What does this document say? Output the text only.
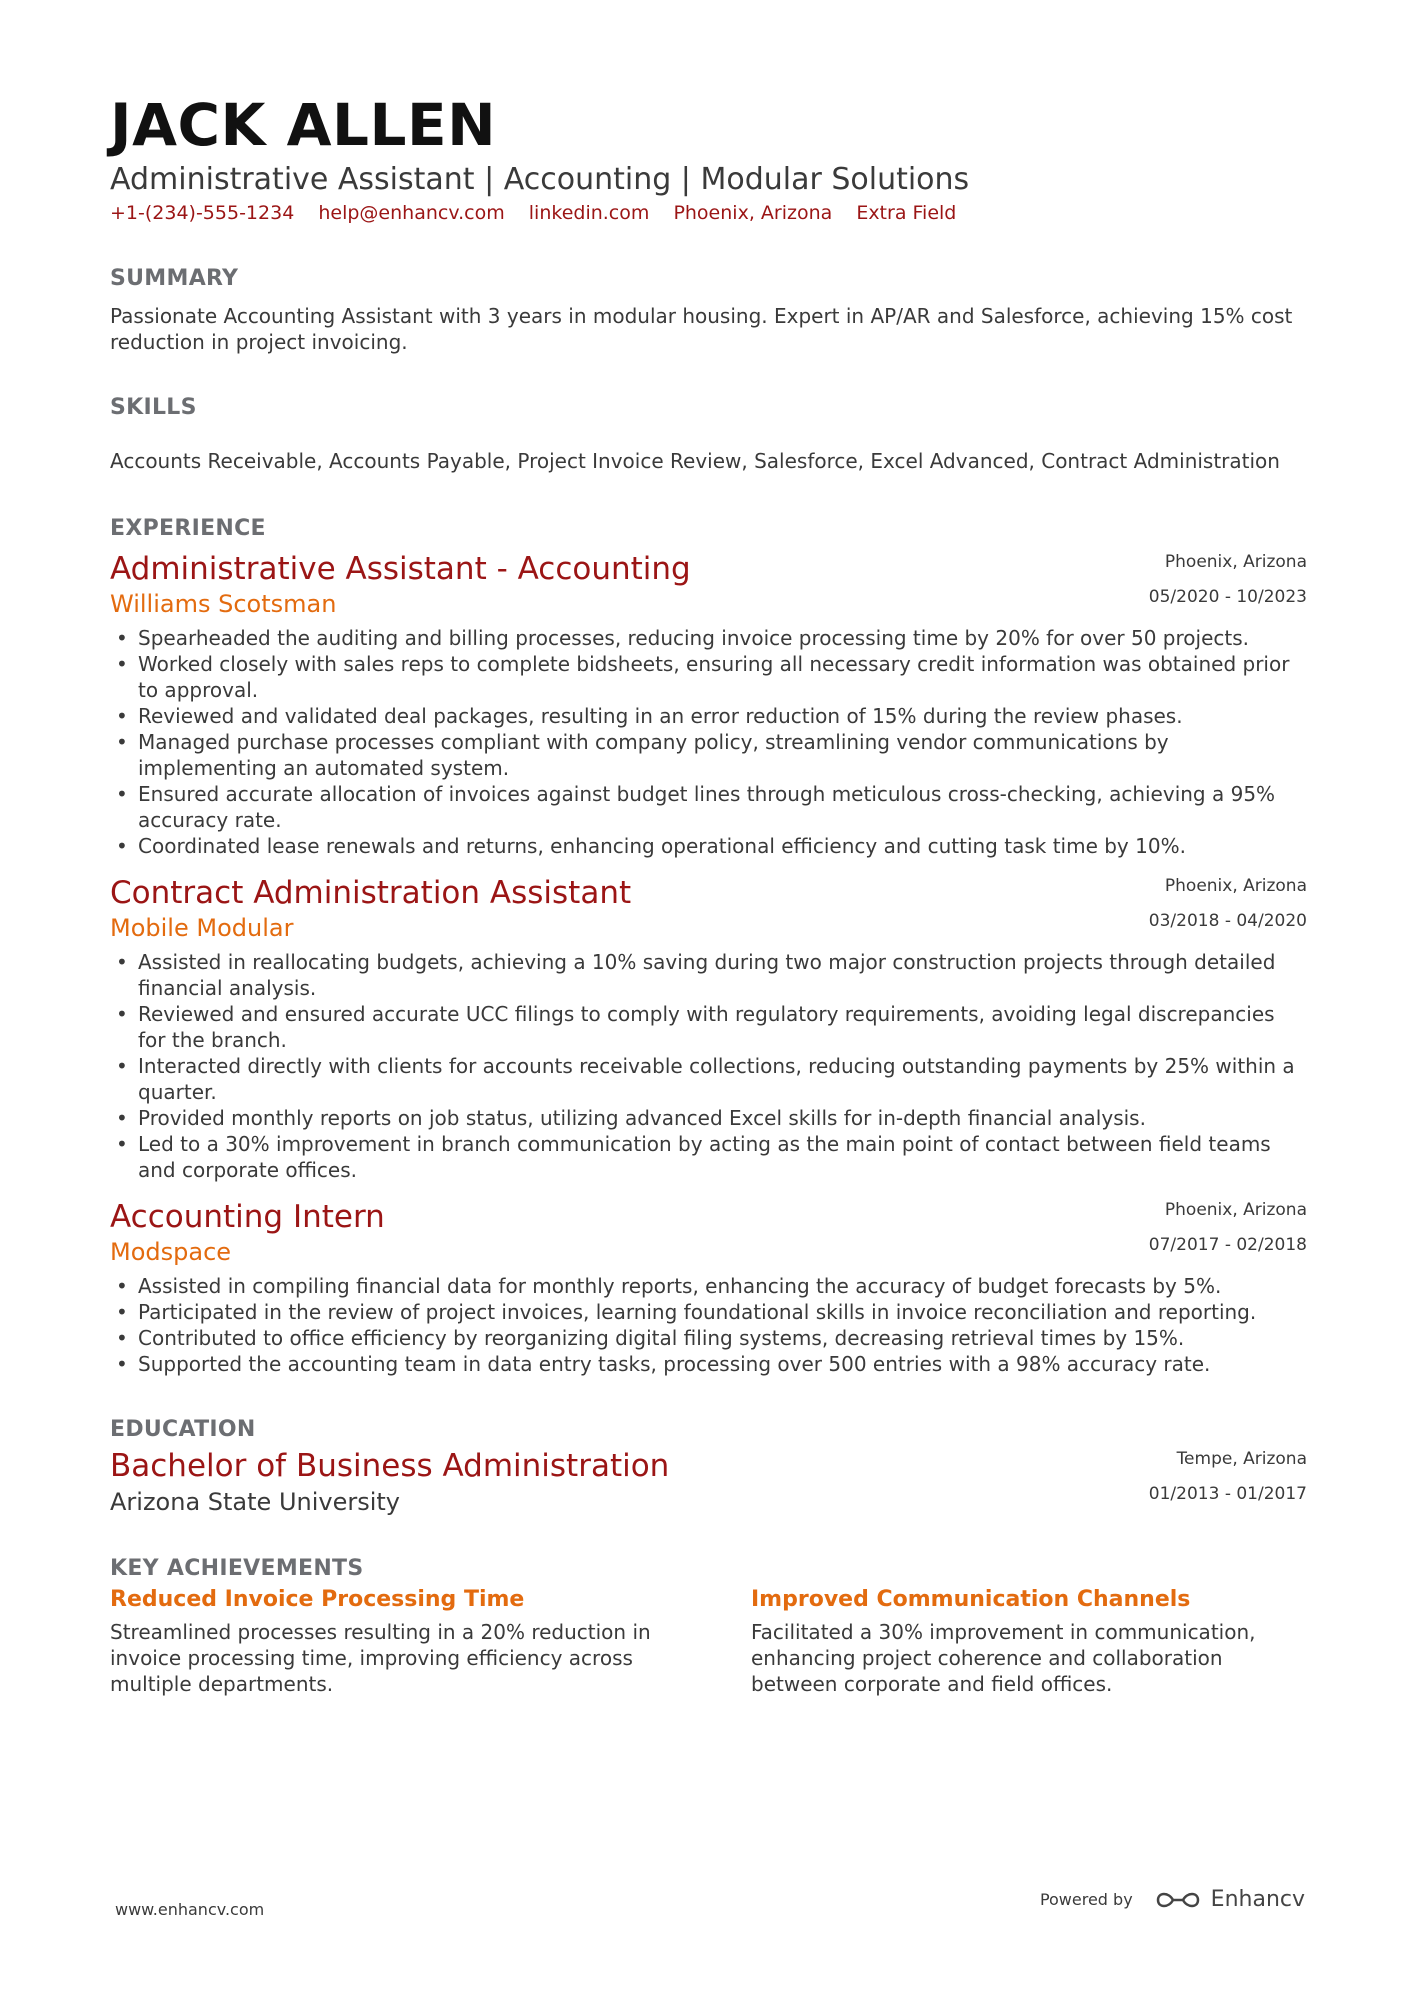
JACK ALLEN
Administrative Assistant | Accounting | Modular Solutions
+1-(234)-555-1234 help@enhancv.com linkedin.com Phoenix, Arizona Extra Field
SUMMARY
Passionate Accounting Assistant with 3 years in modular housing. Expert in AP/AR and Salesforce, achieving 15% cost reduction in project invoicing.
SKILLS
Accounts Receivable, Accounts Payable, Project Invoice Review, Salesforce, Excel Advanced, Contract Administration
EXPERIENCE
Administrative Assistant - Accounting
Williams Scotsman
Phoenix, Arizona
05/2020 - 10/2023
• Spearheaded the auditing and billing processes, reducing invoice processing time by 20% for over 50 projects.
• Worked closely with sales reps to complete bidsheets, ensuring all necessary credit information was obtained prior to approval.
• Reviewed and validated deal packages, resulting in an error reduction of 15% during the review phases.
• Managed purchase processes compliant with company policy, streamlining vendor communications by implementing an automated system.
• Ensured accurate allocation of invoices against budget lines through meticulous cross-checking, achieving a 95% accuracy rate.
• Coordinated lease renewals and returns, enhancing operational efficiency and cutting task time by 10%.
Contract Administration Assistant
Mobile Modular
Phoenix, Arizona
03/2018 - 04/2020
• Assisted in reallocating budgets, achieving a 10% saving during two major construction projects through detailed financial analysis.
• Reviewed and ensured accurate UCC filings to comply with regulatory requirements, avoiding legal discrepancies for the branch.
• Interacted directly with clients for accounts receivable collections, reducing outstanding payments by 25% within a quarter.
• Provided monthly reports on job status, utilizing advanced Excel skills for in-depth financial analysis.
• Led to a 30% improvement in branch communication by acting as the main point of contact between field teams and corporate offices.
Accounting Intern
Modspace
Phoenix, Arizona
07/2017 - 02/2018
• Assisted in compiling financial data for monthly reports, enhancing the accuracy of budget forecasts by 5%.
• Participated in the review of project invoices, learning foundational skills in invoice reconciliation and reporting.
• Contributed to office efficiency by reorganizing digital filing systems, decreasing retrieval times by 15%.
• Supported the accounting team in data entry tasks, processing over 500 entries with a 98% accuracy rate.
EDUCATION
Bachelor of Business Administration
Arizona State University
Tempe, Arizona
01/2013 - 01/2017
KEY ACHIEVEMENTS
Reduced Invoice Processing Time
Streamlined processes resulting in a 20% reduction in invoice processing time, improving efficiency across multiple departments.
Improved Communication Channels
Facilitated a 30% improvement in communication, enhancing project coherence and collaboration between corporate and field offices.
www.enhancv.com
Powered by	Enhancv
